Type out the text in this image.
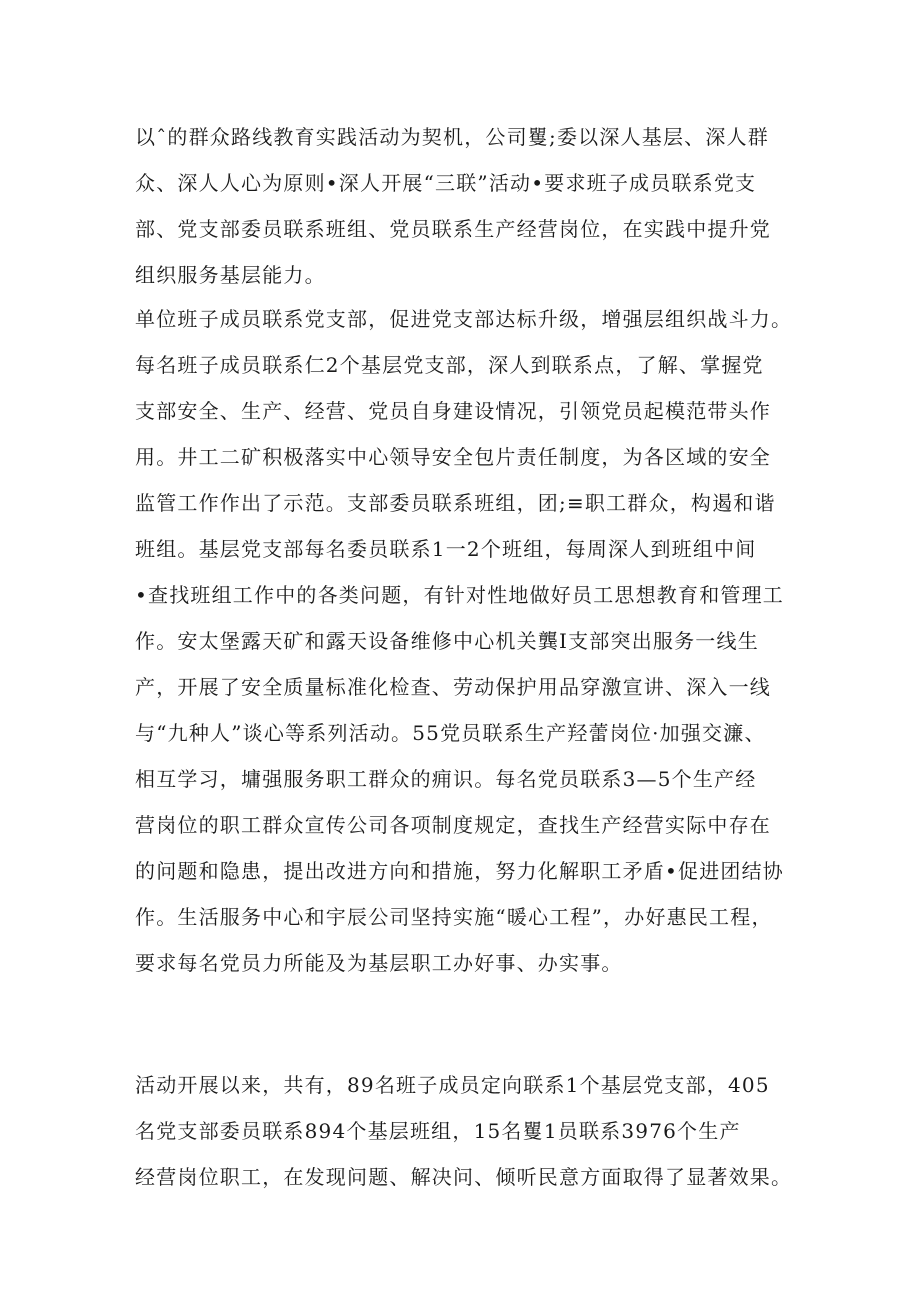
以ˆ的群众路线教育实践活动为契机，公司矍;委以深人基层、深人群
众、深人人心为原则•深人开展“三联”活动•要求班子成员联系党支
部、党支部委员联系班组、党员联系生产经营岗位，在实践中提升党
组织服务基层能力。
单位班子成员联系党支部，促进党支部达标升级，增强层组织战斗力。
每名班子成员联系仁2个基层党支部，深人到联系点，了解、掌握党
支部安全、生产、经营、党员自身建设情况，引领党员起模范带头作
用。井工二矿积极落实中心领导安全包片责任制度，为各区域的安全
监管工作作出了示范。支部委员联系班组，团;≡职工群众，构遏和谐
班组。基层党支部每名委员联系1一2个班组，每周深人到班组中间
•查找班组工作中的各类问题，有针对性地做好员工思想教育和管理工
作。安太堡露天矿和露天设备维修中心机关龔I支部突出服务一线生
产，开展了安全质量标准化检查、劳动保护用品穿激宣讲、深入一线
与“九种人”谈心等系列活动。55党员联系生产羟蕾岗位·加强交濂、
相互学习，墉强服务职工群众的痈识。每名党员联系3—5个生产经
营岗位的职工群众宣传公司各项制度规定，查找生产经营实际中存在
的问题和隐患，提出改进方向和措施，努力化解职工矛盾•促进团结协
作。生活服务中心和宇辰公司坚持实施“暖心工程”，办好惠民工程，
要求每名党员力所能及为基层职工办好事、办实事。
活动开展以来，共有，89名班子成员定向联系1个基层党支部，405
名党支部委员联系894个基层班组，15名矍1员联系3976个生产
经营岗位职工，在发现问题、解决问、倾听民意方面取得了显著效果。
